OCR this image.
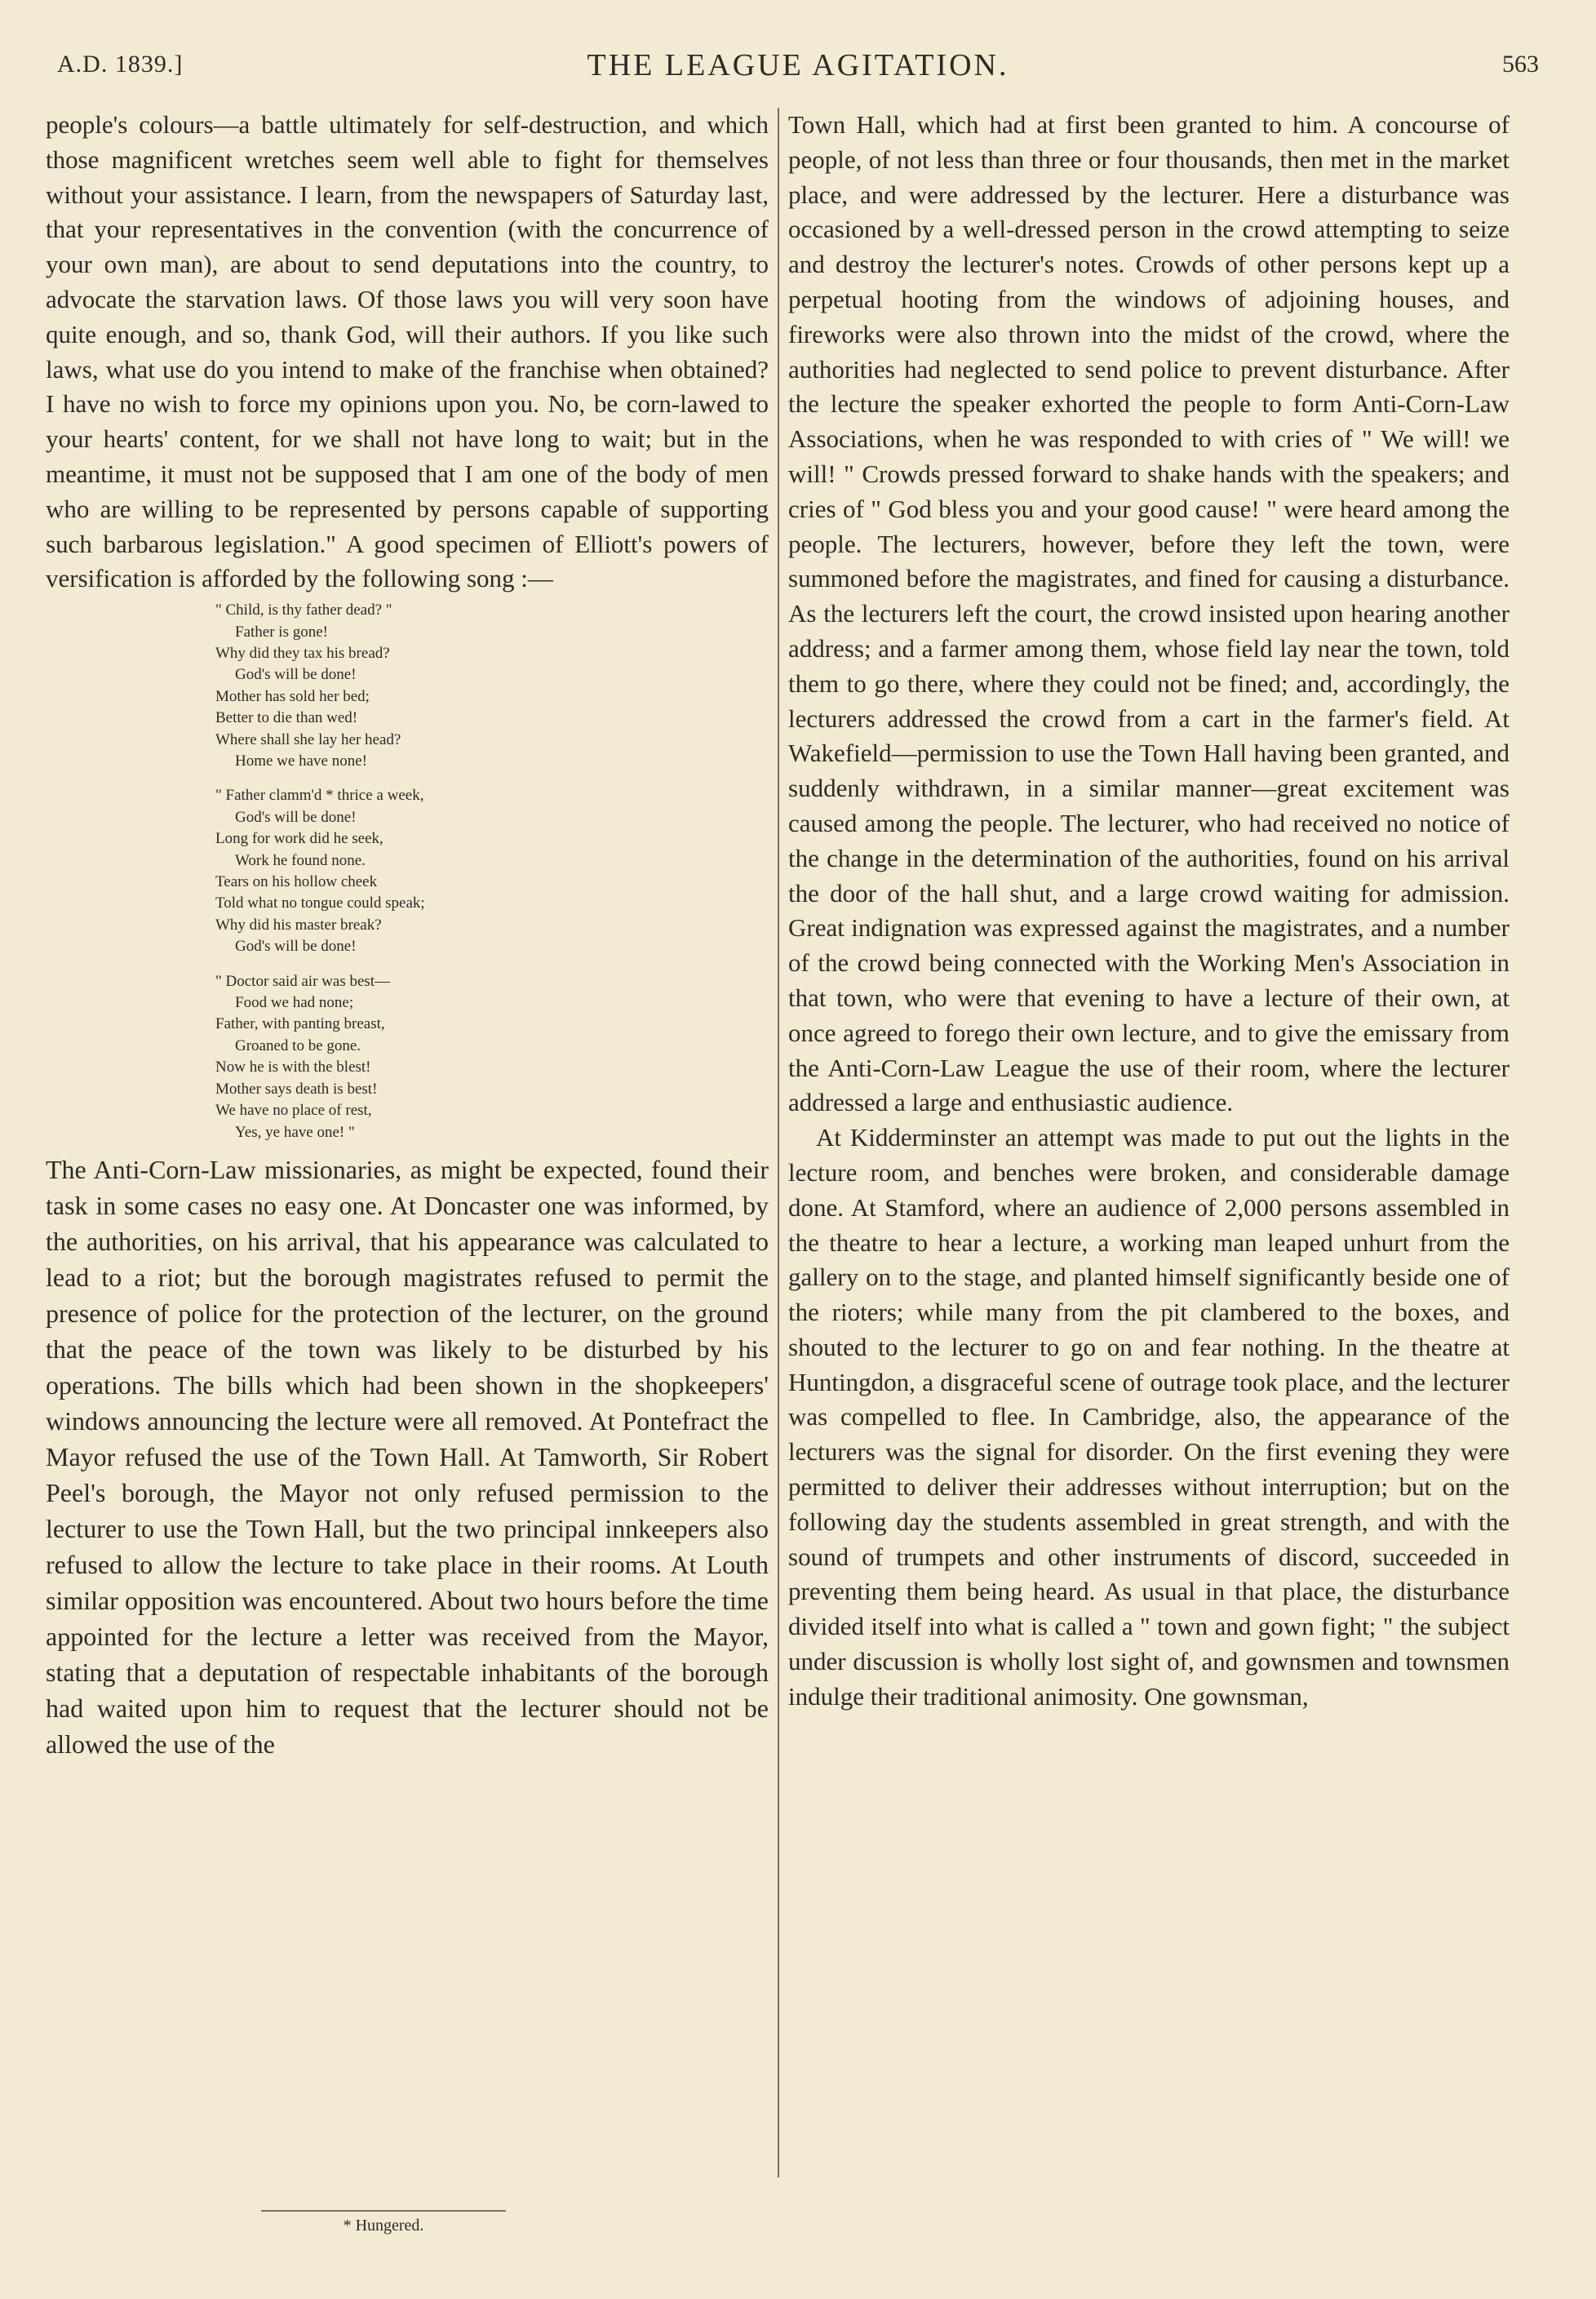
A.D. 1839.]	THE LEAGUE AGITATION.	563

people's colours—a battle ultimately for self-destruction, and which those magnificent wretches seem well able to fight for themselves without your assistance. I learn, from the newspapers of Saturday last, that your representatives in the convention (with the concurrence of your own man), are about to send deputations into the country, to advocate the starvation laws. Of those laws you will very soon have quite enough, and so, thank God, will their authors. If you like such laws, what use do you intend to make of the franchise when obtained? I have no wish to force my opinions upon you. No, be corn-lawed to your hearts' content, for we shall not have long to wait; but in the meantime, it must not be supposed that I am one of the body of men who are willing to be represented by persons capable of supporting such barbarous legislation." A good specimen of Elliott's powers of versification is afforded by the following song :—

" Child, is thy father dead? "
Father is gone!
Why did they tax his bread?
God's will be done!
Mother has sold her bed;
Better to die than wed!
Where shall she lay her head?
Home we have none!
" Father clamm'd * thrice a week,
God's will be done!
Long for work did he seek,
Work he found none.
Tears on his hollow cheek
Told what no tongue could speak;
Why did his master break?
God's will be done!
" Doctor said air was best—
Food we had none;
Father, with panting breast,
Groaned to be gone.
Now he is with the blest!
Mother says death is best!
We have no place of rest,
Yes, ye have one! "

The Anti-Corn-Law missionaries, as might be expected, found their task in some cases no easy one. At Doncaster one was informed, by the authorities, on his arrival, that his appearance was calculated to lead to a riot; but the borough magistrates refused to permit the presence of police for the protection of the lecturer, on the ground that the peace of the town was likely to be disturbed by his operations. The bills which had been shown in the shopkeepers' windows announcing the lecture were all removed. At Pontefract the Mayor refused the use of the Town Hall. At Tamworth, Sir Robert Peel's borough, the Mayor not only refused permission to the lecturer to use the Town Hall, but the two principal innkeepers also refused to allow the lecture to take place in their rooms. At Louth similar opposition was encountered. About two hours before the time appointed for the lecture a letter was received from the Mayor, stating that a deputation of respectable inhabitants of the borough had waited upon him to request that the lecturer should not be allowed the use of the

Town Hall, which had at first been granted to him. A concourse of people, of not less than three or four thousands, then met in the market place, and were addressed by the lecturer. Here a disturbance was occasioned by a well-dressed person in the crowd attempting to seize and destroy the lecturer's notes. Crowds of other persons kept up a perpetual hooting from the windows of adjoining houses, and fireworks were also thrown into the midst of the crowd, where the authorities had neglected to send police to prevent disturbance. After the lecture the speaker exhorted the people to form Anti-Corn-Law Associations, when he was responded to with cries of " We will! we will! " Crowds pressed forward to shake hands with the speakers; and cries of " God bless you and your good cause! " were heard among the people. The lecturers, however, before they left the town, were summoned before the magistrates, and fined for causing a disturbance. As the lecturers left the court, the crowd insisted upon hearing another address; and a farmer among them, whose field lay near the town, told them to go there, where they could not be fined; and, accordingly, the lecturers addressed the crowd from a cart in the farmer's field. At Wakefield—permission to use the Town Hall having been granted, and suddenly withdrawn, in a similar manner—great excitement was caused among the people. The lecturer, who had received no notice of the change in the determination of the authorities, found on his arrival the door of the hall shut, and a large crowd waiting for admission. Great indignation was expressed against the magistrates, and a number of the crowd being connected with the Working Men's Association in that town, who were that evening to have a lecture of their own, at once agreed to forego their own lecture, and to give the emissary from the Anti-Corn-Law League the use of their room, where the lecturer addressed a large and enthusiastic audience.

At Kidderminster an attempt was made to put out the lights in the lecture room, and benches were broken, and considerable damage done. At Stamford, where an audience of 2,000 persons assembled in the theatre to hear a lecture, a working man leaped unhurt from the gallery on to the stage, and planted himself significantly beside one of the rioters; while many from the pit clambered to the boxes, and shouted to the lecturer to go on and fear nothing. In the theatre at Huntingdon, a disgraceful scene of outrage took place, and the lecturer was compelled to flee. In Cambridge, also, the appearance of the lecturers was the signal for disorder. On the first evening they were permitted to deliver their addresses without interruption; but on the following day the students assembled in great strength, and with the sound of trumpets and other instruments of discord, succeeded in preventing them being heard. As usual in that place, the disturbance divided itself into what is called a " town and gown fight; " the subject under discussion is wholly lost sight of, and gownsmen and townsmen indulge their traditional animosity. One gownsman,

* Hungered.
